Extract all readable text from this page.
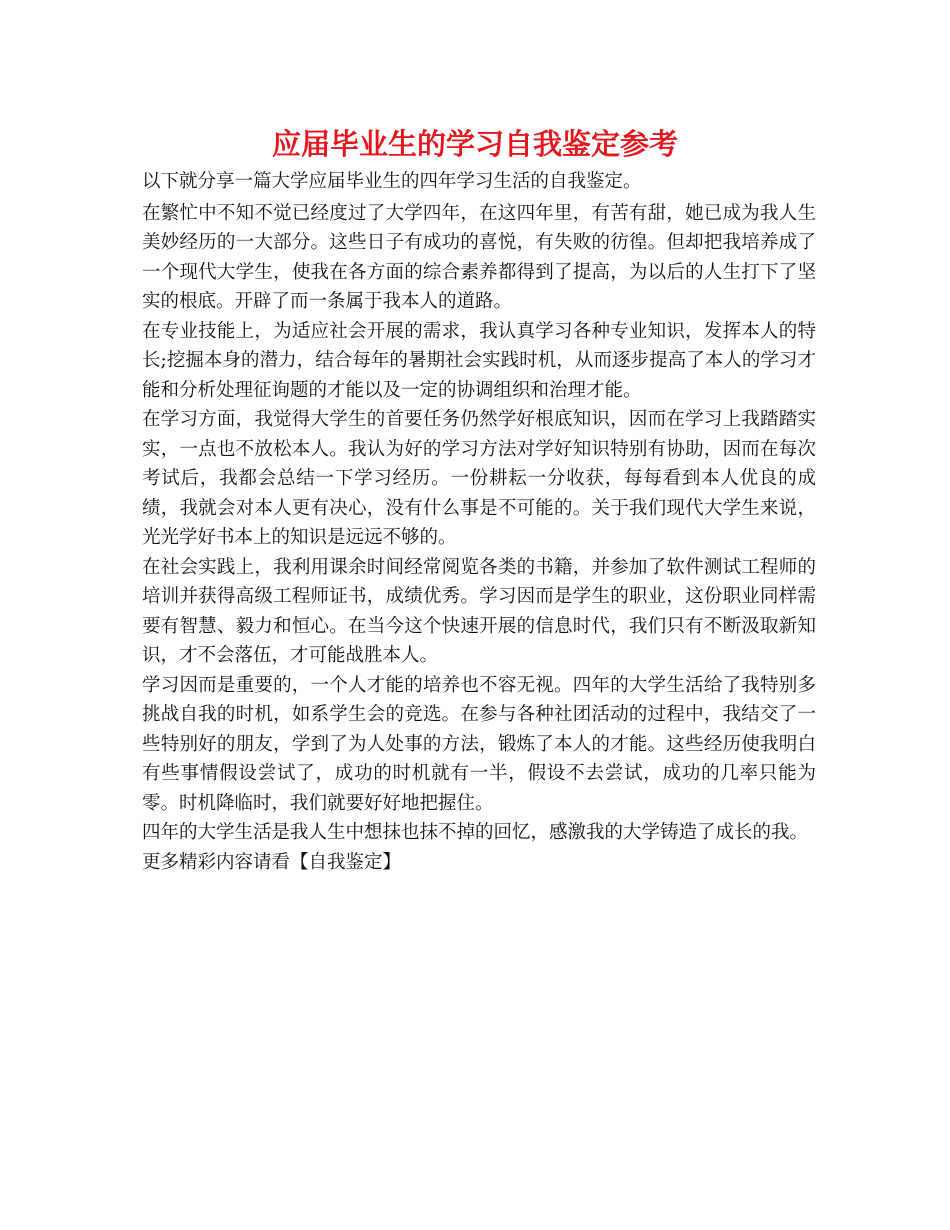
应届毕业生的学习自我鉴定参考

以下就分享一篇大学应届毕业生的四年学习生活的自我鉴定。

在繁忙中不知不觉已经度过了大学四年，在这四年里，有苦有甜，她已成为我人生美妙经历的一大部分。这些日子有成功的喜悦，有失败的彷徨。但却把我培养成了一个现代大学生，使我在各方面的综合素养都得到了提高，为以后的人生打下了坚实的根底。开辟了而一条属于我本人的道路。

在专业技能上，为适应社会开展的需求，我认真学习各种专业知识，发挥本人的特长;挖掘本身的潜力，结合每年的暑期社会实践时机，从而逐步提高了本人的学习才能和分析处理征询题的才能以及一定的协调组织和治理才能。

在学习方面，我觉得大学生的首要任务仍然学好根底知识，因而在学习上我踏踏实实，一点也不放松本人。我认为好的学习方法对学好知识特别有协助，因而在每次考试后，我都会总结一下学习经历。一份耕耘一分收获，每每看到本人优良的成绩，我就会对本人更有决心，没有什么事是不可能的。关于我们现代大学生来说，光光学好书本上的知识是远远不够的。

在社会实践上，我利用课余时间经常阅览各类的书籍，并参加了软件测试工程师的培训并获得高级工程师证书，成绩优秀。学习因而是学生的职业，这份职业同样需要有智慧、毅力和恒心。在当今这个快速开展的信息时代，我们只有不断汲取新知识，才不会落伍，才可能战胜本人。

学习因而是重要的，一个人才能的培养也不容无视。四年的大学生活给了我特别多挑战自我的时机，如系学生会的竞选。在参与各种社团活动的过程中，我结交了一些特别好的朋友，学到了为人处事的方法，锻炼了本人的才能。这些经历使我明白有些事情假设尝试了，成功的时机就有一半，假设不去尝试，成功的几率只能为零。时机降临时，我们就要好好地把握住。

四年的大学生活是我人生中想抹也抹不掉的回忆，感激我的大学铸造了成长的我。

更多精彩内容请看【自我鉴定】
